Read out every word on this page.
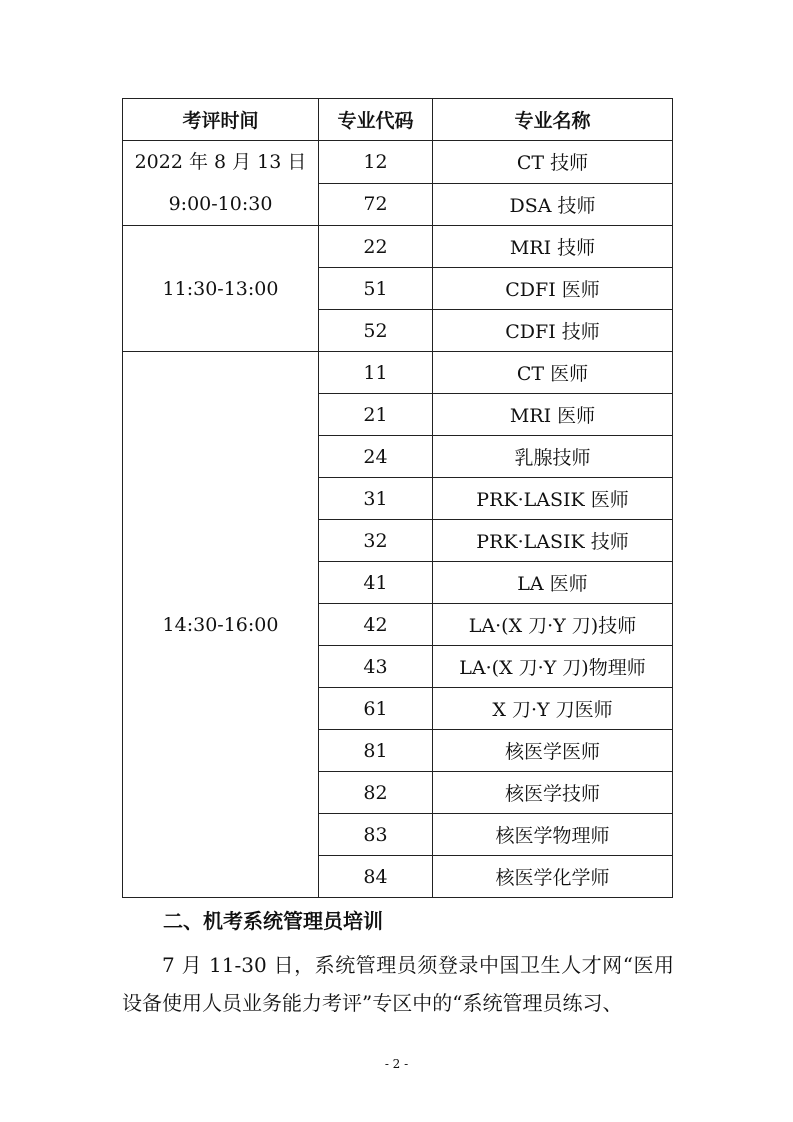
考评时间	专业代码	专业名称

2022 年 8 月 13 日
9:00-10:30	12	CT 技师
	72	DSA 技师
11:30-13:00	22	MRI 技师
	51	CDFI 医师
	52	CDFI 技师
14:30-16:00	11	CT 医师
	21	MRI 医师
	24	乳腺技师
	31	PRK·LASIK 医师
	32	PRK·LASIK 技师
	41	LA 医师
	42	LA·(X 刀·Y 刀)技师
	43	LA·(X 刀·Y 刀)物理师
	61	X 刀·Y 刀医师
	81	核医学医师
	82	核医学技师
	83	核医学物理师
	84	核医学化学师
二、机考系统管理员培训
7 月 11-30 日，系统管理员须登录中国卫生人才网“医用设备使用人员业务能力考评”专区中的“系统管理员练习、
- 2 -
